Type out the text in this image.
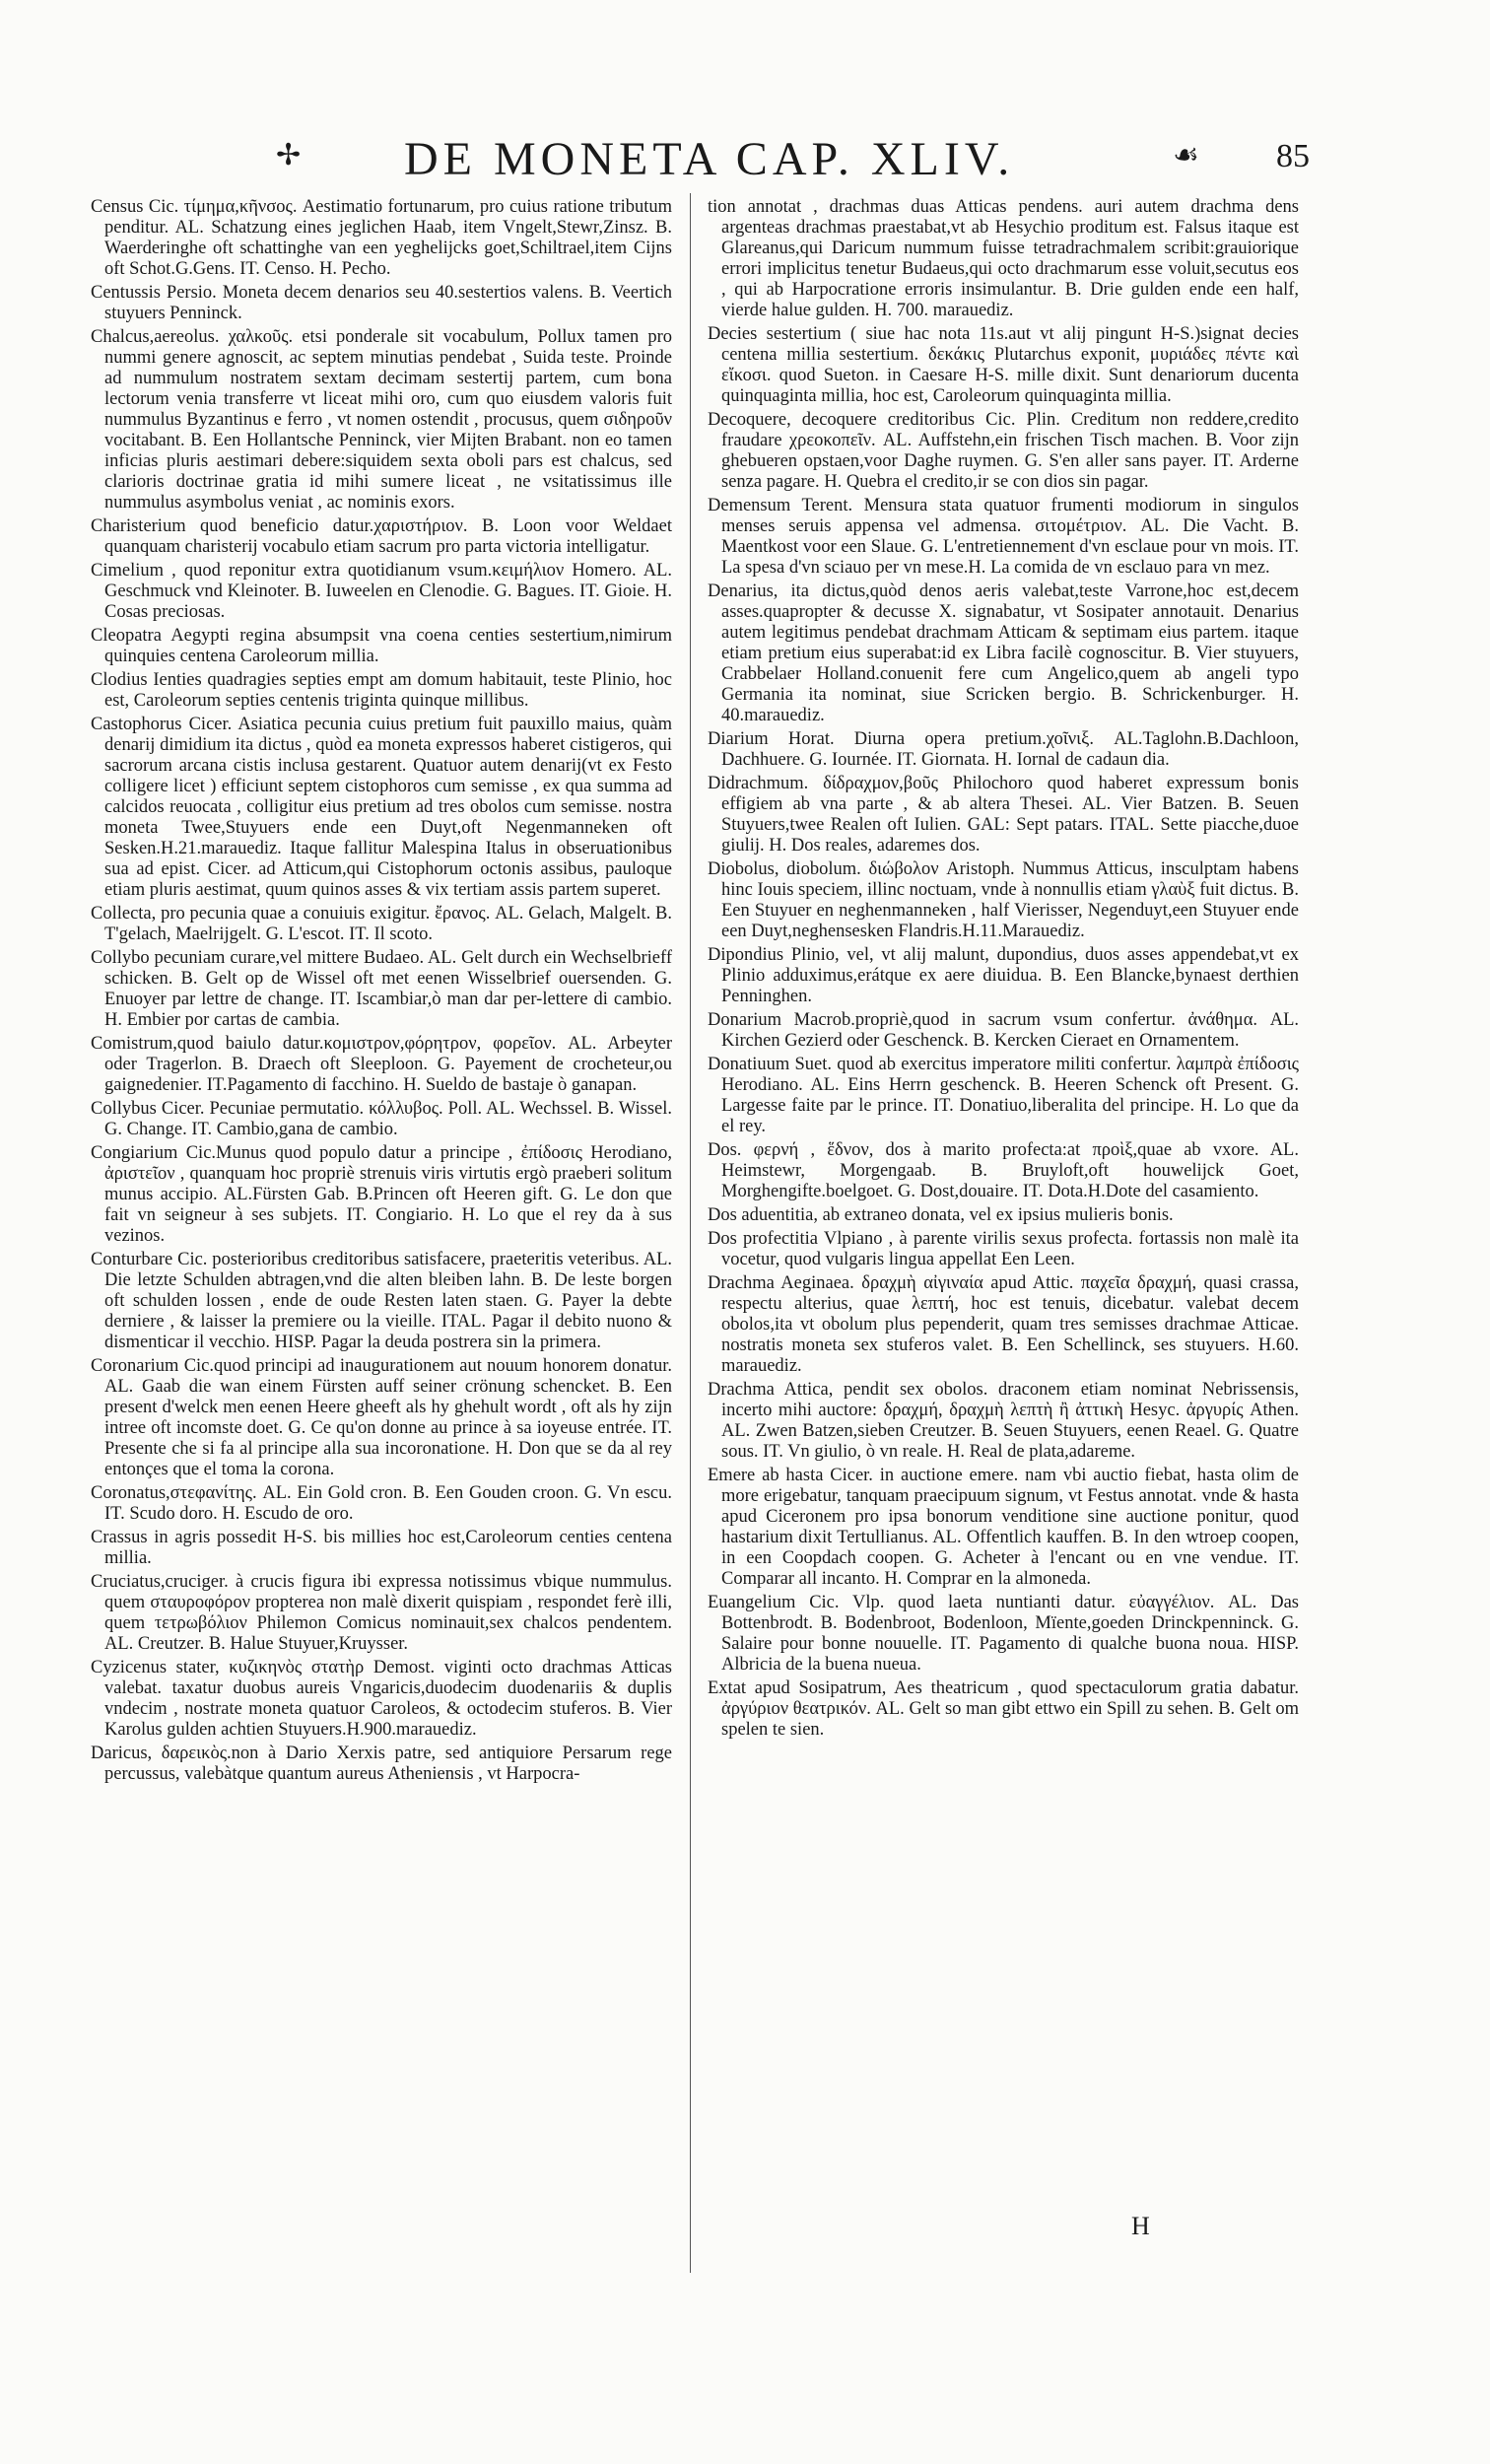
✢ DE MONETA CAP. XLIV.	☙ 85

Census Cic. τίμημα,κῆνσος. Aestimatio fortunarum, pro cuius ratione tributum penditur. AL. Schatzung eines jeglichen Haab, item Vngelt,Stewr,Zinsz. B. Waerderinghe oft schattinghe van een yeghelijcks goet,Schiltrael,item Cijns oft Schot.G.Gens. IT. Censo. H. Pecho.

Centussis Persio. Moneta decem denarios seu 40.sestertios valens. B. Veertich stuyuers Penninck.

Chalcus,aereolus. χαλκοῦς. etsi ponderale sit vocabulum, Pollux tamen pro nummi genere agnoscit, ac septem minutias pendebat , Suida teste. Proinde ad nummulum nostratem sextam decimam sestertij partem, cum bona lectorum venia transferre vt liceat mihi oro, cum quo eiusdem valoris fuit nummulus Byzantinus e ferro , vt nomen ostendit , procusus, quem σιδηροῦν vocitabant. B. Een Hollantsche Penninck, vier Mijten Brabant. non eo tamen inficias pluris aestimari debere:siquidem sexta oboli pars est chalcus, sed clarioris doctrinae gratia id mihi sumere liceat , ne vsitatissimus ille nummulus asymbolus veniat , ac nominis exors.

Charisterium quod beneficio datur.χαριστήριον. B. Loon voor Weldaet quanquam charisterij vocabulo etiam sacrum pro parta victoria intelligatur.

Cimelium , quod reponitur extra quotidianum vsum.κειμήλιον Homero. AL. Geschmuck vnd Kleinoter. B. Iuweelen en Clenodie. G. Bagues. IT. Gioie. H. Cosas preciosas.

Cleopatra Aegypti regina absumpsit vna coena centies sestertium,nimirum quinquies centena Caroleorum millia.

Clodius Ienties quadragies septies empt am domum habitauit, teste Plinio, hoc est, Caroleorum septies centenis triginta quinque millibus.

Castophorus Cicer. Asiatica pecunia cuius pretium fuit pauxillo maius, quàm denarij dimidium ita dictus , quòd ea moneta expressos haberet cistigeros, qui sacrorum arcana cistis inclusa gestarent. Quatuor autem denarij(vt ex Festo colligere licet ) efficiunt septem cistophoros cum semisse , ex qua summa ad calcidos reuocata , colligitur eius pretium ad tres obolos cum semisse. nostra moneta Twee,Stuyuers ende een Duyt,oft Negenmanneken oft Sesken.H.21.marauediz. Itaque fallitur Malespina Italus in obseruationibus sua ad epist. Cicer. ad Atticum,qui Cistophorum octonis assibus, pauloque etiam pluris aestimat, quum quinos asses & vix tertiam assis partem superet.

Collecta, pro pecunia quae a conuiuis exigitur. ἔρανος. AL. Gelach, Malgelt. B. T'gelach, Maelrijgelt. G. L'escot. IT. Il scoto.

Collybo pecuniam curare,vel mittere Budaeo. AL. Gelt durch ein Wechselbrieff schicken. B. Gelt op de Wissel oft met eenen Wisselbrief ouersenden. G. Enuoyer par lettre de change. IT. Iscambiar,ò man dar per-lettere di cambio. H. Embier por cartas de cambia.

Comistrum,quod baiulo datur.κομιστρον,φόρητρον, φορεῖον. AL. Arbeyter oder Tragerlon. B. Draech oft Sleeploon. G. Payement de crocheteur,ou gaignedenier. IT.Pagamento di facchino. H. Sueldo de bastaje ò ganapan.

Collybus Cicer. Pecuniae permutatio. κόλλυβος. Poll. AL. Wechssel. B. Wissel. G. Change. IT. Cambio,gana de cambio.

Congiarium Cic.Munus quod populo datur a principe , ἐπίδοσις Herodiano, ἀριστεῖον , quanquam hoc propriè strenuis viris virtutis ergò praeberi solitum munus accipio. AL.Fürsten Gab. B.Princen oft Heeren gift. G. Le don que fait vn seigneur à ses subjets. IT. Congiario. H. Lo que el rey da à sus vezinos.

Conturbare Cic. posterioribus creditoribus satisfacere, praeteritis veteribus. AL. Die letzte Schulden abtragen,vnd die alten bleiben lahn. B. De leste borgen oft schulden lossen , ende de oude Resten laten staen. G. Payer la debte derniere , & laisser la premiere ou la vieille. ITAL. Pagar il debito nuono & dismenticar il vecchio. HISP. Pagar la deuda postrera sin la primera.

Coronarium Cic.quod principi ad inaugurationem aut nouum honorem donatur. AL. Gaab die wan einem Fürsten auff seiner crönung schencket. B. Een present d'welck men eenen Heere gheeft als hy ghehult wordt , oft als hy zijn intree oft incomste doet. G. Ce qu'on donne au prince à sa ioyeuse entrée. IT. Presente che si fa al principe alla sua incoronatione. H. Don que se da al rey entonçes que el toma la corona.

Coronatus,στεφανίτης. AL. Ein Gold cron. B. Een Gouden croon. G. Vn escu. IT. Scudo doro. H. Escudo de oro.

Crassus in agris possedit H-S. bis millies hoc est,Caroleorum centies centena millia.

Cruciatus,cruciger. à crucis figura ibi expressa notissimus vbique nummulus. quem σταυροφόρον propterea non malè dixerit quispiam , respondet ferè illi, quem τετρωβόλιον Philemon Comicus nominauit,sex chalcos pendentem. AL. Creutzer. B. Halue Stuyuer,Kruysser.

Cyzicenus stater, κυζικηνὸς στατὴρ Demost. viginti octo drachmas Atticas valebat. taxatur duobus aureis Vngaricis,duodecim duodenariis & duplis vndecim , nostrate moneta quatuor Caroleos, & octodecim stuferos. B. Vier Karolus gulden achtien Stuyuers.H.900.marauediz.

Daricus, δαρεικὸς.non à Dario Xerxis patre, sed antiquiore Persarum rege percussus, valebàtque quantum aureus Atheniensis , vt Harpocra-

tion annotat , drachmas duas Atticas pendens. auri autem drachma dens argenteas drachmas praestabat,vt ab Hesychio proditum est. Falsus itaque est Glareanus,qui Daricum nummum fuisse tetradrachmalem scribit:grauiorique errori implicitus tenetur Budaeus,qui octo drachmarum esse voluit,secutus eos , qui ab Harpocratione erroris insimulantur. B. Drie gulden ende een half, vierde halue gulden. H. 700. marauediz.

Decies sestertium ( siue hac nota 11s.aut vt alij pingunt H-S.)signat decies centena millia sestertium. δεκάκις Plutarchus exponit, μυριάδες πέντε καὶ εἴκοσι. quod Sueton. in Caesare H-S. mille dixit. Sunt denariorum ducenta quinquaginta millia, hoc est, Caroleorum quinquaginta millia.

Decoquere, decoquere creditoribus Cic. Plin. Creditum non reddere,credito fraudare χρεοκοπεῖν. AL. Auffstehn,ein frischen Tisch machen. B. Voor zijn ghebueren opstaen,voor Daghe ruymen. G. S'en aller sans payer. IT. Arderne senza pagare. H. Quebra el credito,ir se con dios sin pagar.

Demensum Terent. Mensura stata quatuor frumenti modiorum in singulos menses seruis appensa vel admensa. σιτομέτριον. AL. Die Vacht. B. Maentkost voor een Slaue. G. L'entretiennement d'vn esclaue pour vn mois. IT. La spesa d'vn sciauo per vn mese.H. La comida de vn esclauo para vn mez.

Denarius, ita dictus,quòd denos aeris valebat,teste Varrone,hoc est,decem asses.quapropter & decusse X. signabatur, vt Sosipater annotauit. Denarius autem legitimus pendebat drachmam Atticam & septimam eius partem. itaque etiam pretium eius superabat:id ex Libra facilè cognoscitur. B. Vier stuyuers, Crabbelaer Holland.conuenit fere cum Angelico,quem ab angeli typo Germania ita nominat, siue Scricken bergio. B. Schrickenburger. H. 40.marauediz.

Diarium Horat. Diurna opera pretium.χοῖνιξ. AL.Taglohn.B.Dachloon, Dachhuere. G. Iournée. IT. Giornata. H. Iornal de cadaun dia.

Didrachmum. δίδραχμον,βοῦς Philochoro quod haberet expressum bonis effigiem ab vna parte , & ab altera Thesei. AL. Vier Batzen. B. Seuen Stuyuers,twee Realen oft Iulien. GAL: Sept patars. ITAL. Sette piacche,duoe giulij. H. Dos reales, adaremes dos.

Diobolus, diobolum. διώβολον Aristoph. Nummus Atticus, insculptam habens hinc Iouis speciem, illinc noctuam, vnde à nonnullis etiam γλαὺξ fuit dictus. B. Een Stuyuer en neghenmanneken , half Vierisser, Negenduyt,een Stuyuer ende een Duyt,neghensesken Flandris.H.11.Marauediz.

Dipondius Plinio, vel, vt alij malunt, dupondius, duos asses appendebat,vt ex Plinio adduximus,erátque ex aere diuidua. B. Een Blancke,bynaest derthien Penninghen.

Donarium Macrob.propriè,quod in sacrum vsum confertur. ἀνάθημα. AL. Kirchen Gezierd oder Geschenck. B. Kercken Cieraet en Ornamentem.

Donatiuum Suet. quod ab exercitus imperatore militi confertur. λαμπρὰ ἐπίδοσις Herodiano. AL. Eins Herrn geschenck. B. Heeren Schenck oft Present. G. Largesse faite par le prince. IT. Donatiuo,liberalita del principe. H. Lo que da el rey.

Dos. φερνή , ἕδνον, dos à marito profecta:at προὶξ,quae ab vxore. AL. Heimstewr, Morgengaab. B. Bruyloft,oft houwelijck Goet, Morghengifte.boelgoet. G. Dost,douaire. IT. Dota.H.Dote del casamiento.

Dos aduentitia, ab extraneo donata, vel ex ipsius mulieris bonis.

Dos profectitia Vlpiano , à parente virilis sexus profecta. fortassis non malè ita vocetur, quod vulgaris lingua appellat Een Leen.

Drachma Aeginaea. δραχμὴ αἰγιναία apud Attic. παχεῖα δραχμή, quasi crassa, respectu alterius, quae λεπτή, hoc est tenuis, dicebatur. valebat decem obolos,ita vt obolum plus pependerit, quam tres semisses drachmae Atticae. nostratis moneta sex stuferos valet. B. Een Schellinck, ses stuyuers. H.60. marauediz.

Drachma Attica, pendit sex obolos. draconem etiam nominat Nebrissensis, incerto mihi auctore: δραχμή, δραχμὴ λεπτὴ ἢ ἀττικὴ Hesyc. ἀργυρίς Athen. AL. Zwen Batzen,sieben Creutzer. B. Seuen Stuyuers, eenen Reael. G. Quatre sous. IT. Vn giulio, ò vn reale. H. Real de plata,adareme.

Emere ab hasta Cicer. in auctione emere. nam vbi auctio fiebat, hasta olim de more erigebatur, tanquam praecipuum signum, vt Festus annotat. vnde & hasta apud Ciceronem pro ipsa bonorum venditione sine auctione ponitur, quod hastarium dixit Tertullianus. AL. Offentlich kauffen. B. In den wtroep coopen, in een Coopdach coopen. G. Acheter à l'encant ou en vne vendue. IT. Comparar all incanto. H. Comprar en la almoneda.

Euangelium Cic. Vlp. quod laeta nuntianti datur. εὐαγγέλιον. AL. Das Bottenbrodt. B. Bodenbroot, Bodenloon, Mïente,goeden Drinckpenninck. G. Salaire pour bonne nouuelle. IT. Pagamento di qualche buona noua. HISP. Albricia de la buena nueua.

Extat apud Sosipatrum, Aes theatricum , quod spectaculorum gratia dabatur. ἀργύριον θεατρικόν. AL. Gelt so man gibt ettwo ein Spill zu sehen. B. Gelt om spelen te sien.

H
